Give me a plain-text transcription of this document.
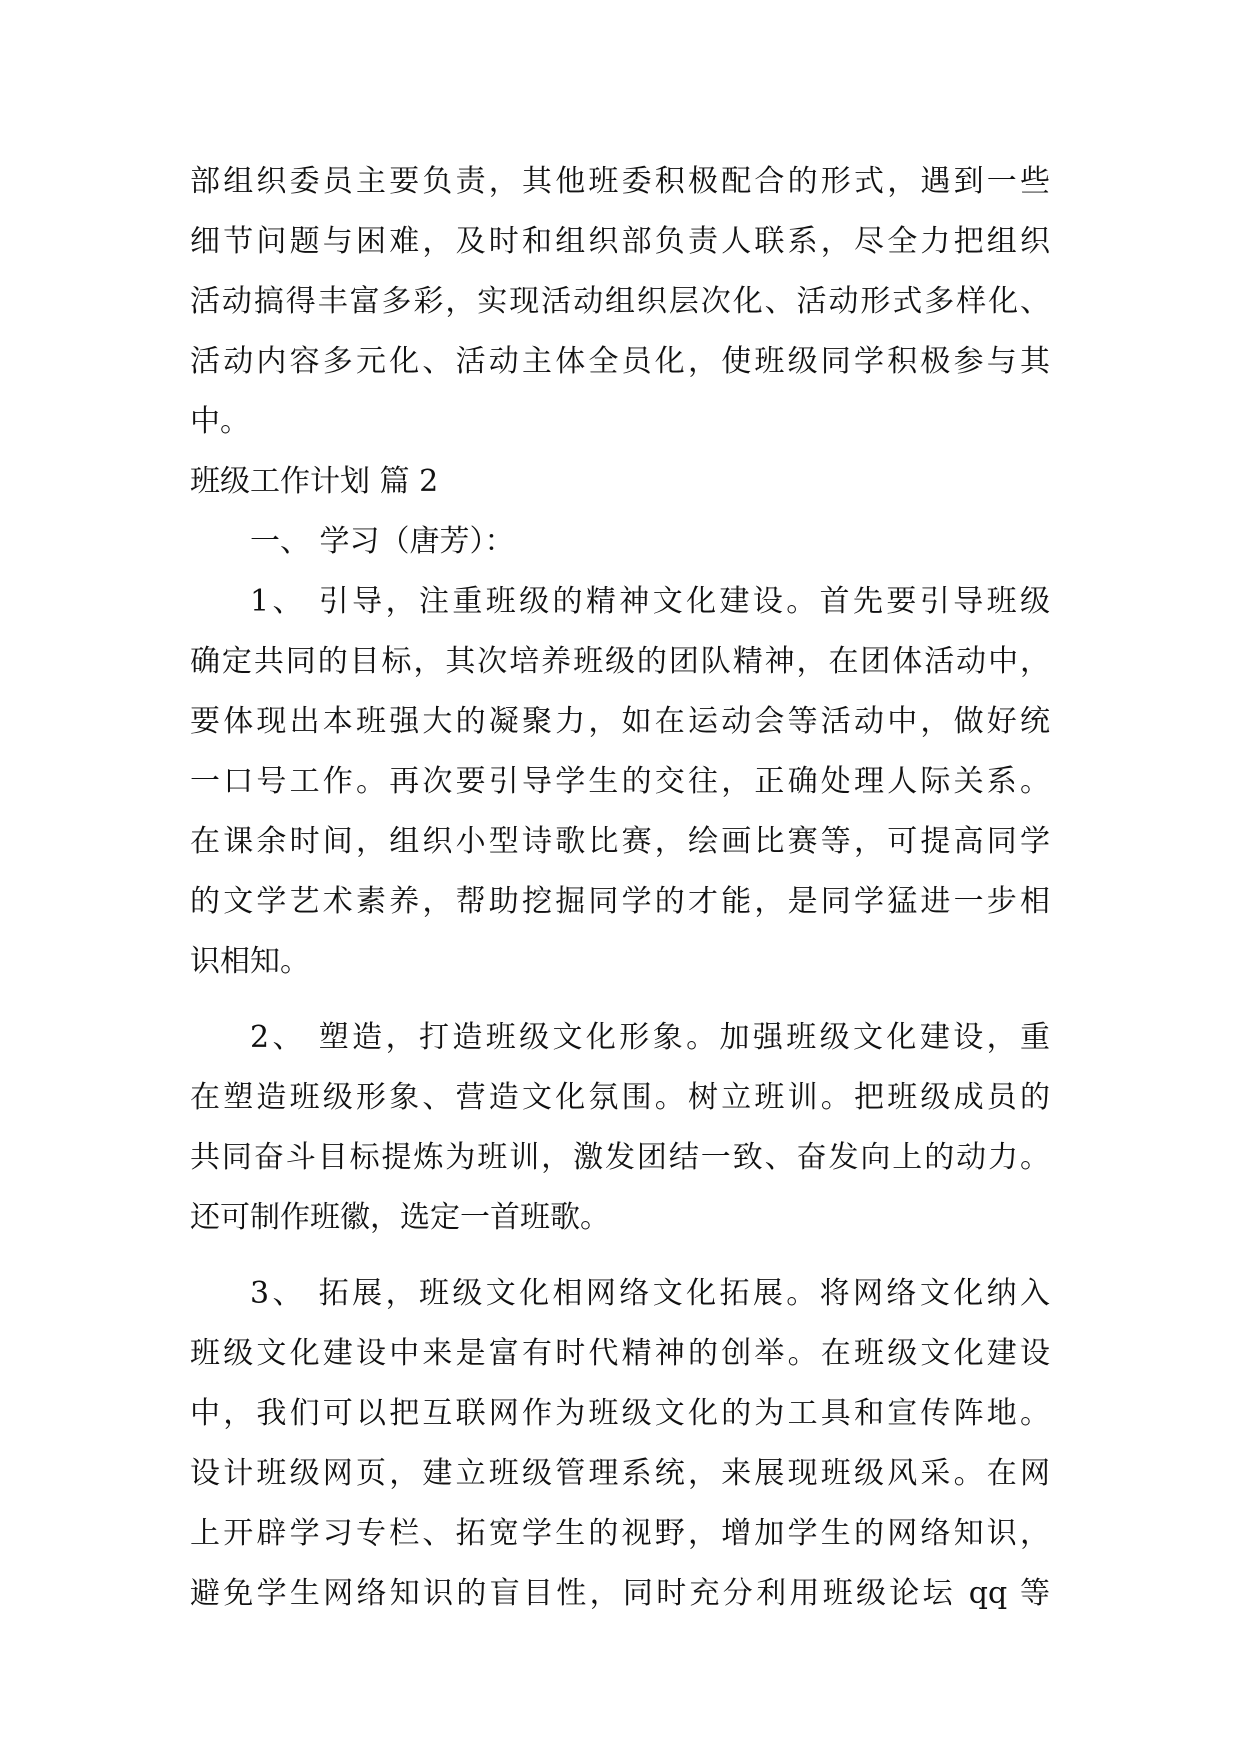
部组织委员主要负责，其他班委积极配合的形式，遇到一些
细节问题与困难，及时和组织部负责人联系，尽全力把组织
活动搞得丰富多彩，实现活动组织层次化、活动形式多样化、
活动内容多元化、活动主体全员化，使班级同学积极参与其
中。
班级工作计划 篇 2
一、 学习（唐芳）：
1、 引导，注重班级的精神文化建设。首先要引导班级
确定共同的目标，其次培养班级的团队精神，在团体活动中，
要体现出本班强大的凝聚力，如在运动会等活动中，做好统
一口号工作。再次要引导学生的交往，正确处理人际关系。
在课余时间，组织小型诗歌比赛，绘画比赛等，可提高同学
的文学艺术素养，帮助挖掘同学的才能，是同学猛进一步相
识相知。
2、 塑造，打造班级文化形象。加强班级文化建设，重
在塑造班级形象、营造文化氛围。树立班训。把班级成员的
共同奋斗目标提炼为班训，激发团结一致、奋发向上的动力。
还可制作班徽，选定一首班歌。
3、 拓展，班级文化相网络文化拓展。将网络文化纳入
班级文化建设中来是富有时代精神的创举。在班级文化建设
中，我们可以把互联网作为班级文化的为工具和宣传阵地。
设计班级网页，建立班级管理系统，来展现班级风采。在网
上开辟学习专栏、拓宽学生的视野，增加学生的网络知识，
避免学生网络知识的盲目性，同时充分利用班级论坛 qq 等
